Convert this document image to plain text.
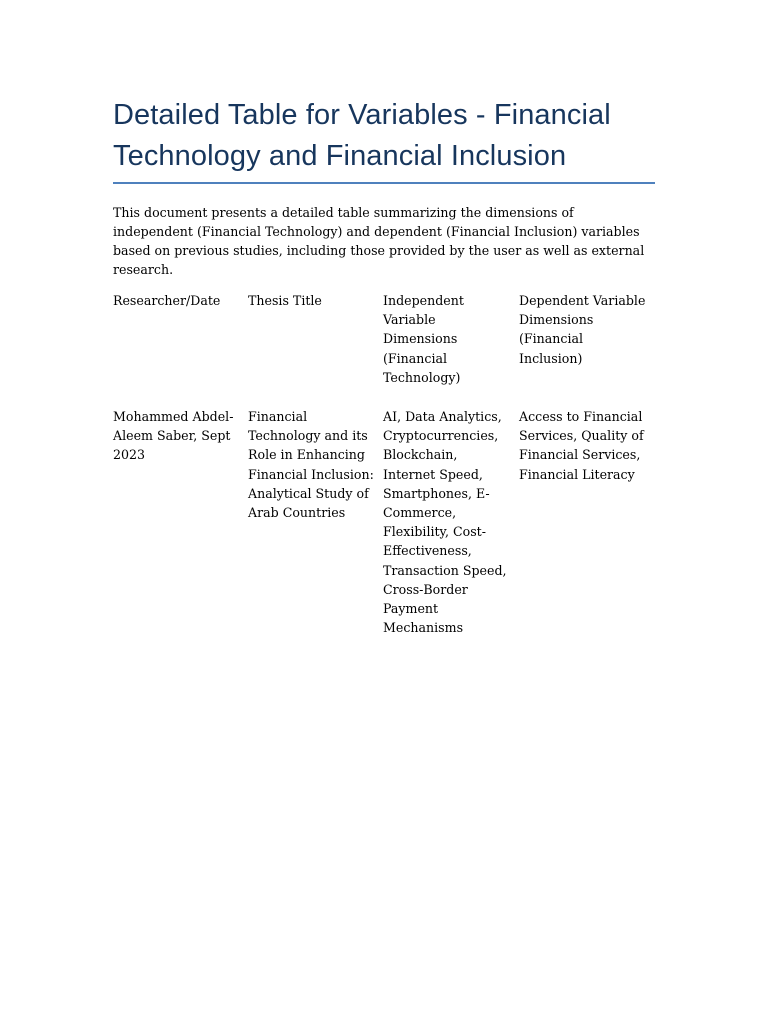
Detailed Table for Variables - Financial Technology and Financial Inclusion

This document presents a detailed table summarizing the dimensions of independent (Financial Technology) and dependent (Financial Inclusion) variables based on previous studies, including those provided by the user as well as external research.

Researcher/Date	Thesis Title	Independent Variable Dimensions (Financial Technology)	Dependent Variable Dimensions (Financial Inclusion)
Mohammed Abdel-Aleem Saber, Sept 2023	Financial Technology and its Role in Enhancing Financial Inclusion: Analytical Study of Arab Countries	AI, Data Analytics, Cryptocurrencies, Blockchain, Internet Speed, Smartphones, E-Commerce, Flexibility, Cost-Effectiveness, Transaction Speed, Cross-Border Payment Mechanisms	Access to Financial Services, Quality of Financial Services, Financial Literacy
